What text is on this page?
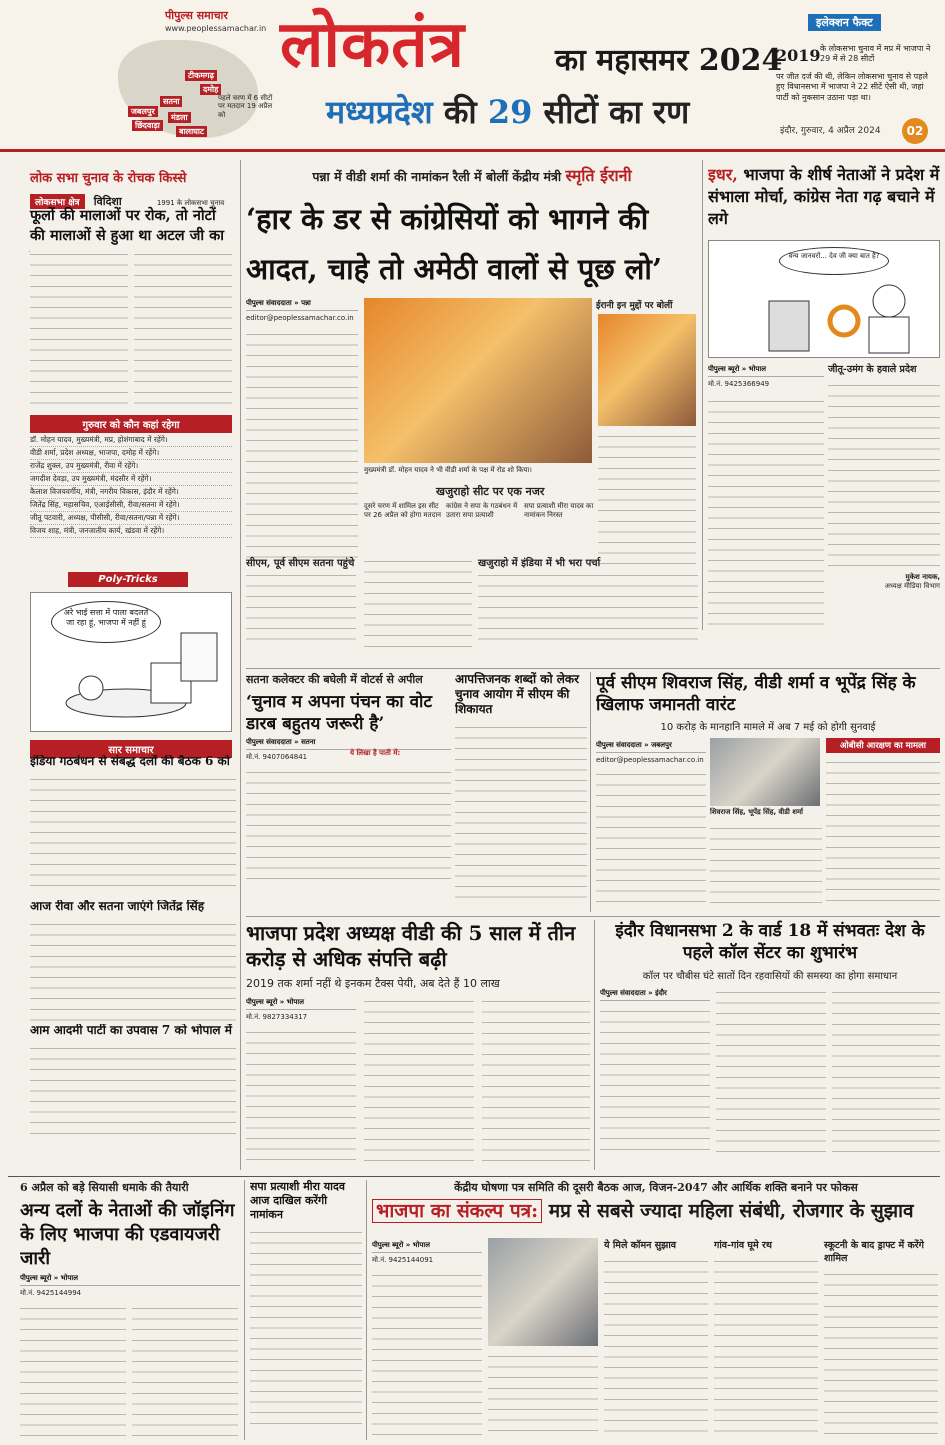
टीकमगढ़
दमोह
सतना
जबलपुर
मंडला
छिंदवाड़ा
बालाघाट
पहले चरण में 6 सीटों पर मतदान 19 अप्रैल को
पीपुल्स समाचार
www.peoplessamachar.in लोकतंत्र	का महासमर 2024
मध्यप्रदेश की 29 सीटों का रण
इलेक्शन फैक्ट
2019 के लोकसभा चुनाव में मप्र में भाजपा ने 29 में से 28 सीटों
पर जीत दर्ज की थी, लेकिन लोकसभा चुनाव से पहले हुए विधानसभा में भाजपा ने 22 सीटें ऐसी थी, जहां पार्टी को नुकसान उठाना पड़ा था।
इंदौर, गुरुवार, 4 अप्रैल 2024	02
लोक सभा चुनाव के रोचक किस्से
लोकसभा क्षेत्र विदिशा	1991 के लोकसभा चुनाव
फूलों की मालाओं पर रोक, तो नोटों की मालाओं से हुआ था अटल जी का
गुरुवार को कौन कहां रहेगा
डॉ. मोहन यादव, मुख्यमंत्री, मप्र, होशंगाबाद में रहेंगे।
वीडी शर्मा, प्रदेश अध्यक्ष, भाजपा, दमोह में रहेंगे।
राजेंद्र शुक्ल, उप मुख्यमंत्री, रीवा में रहेंगे।
जगदीश देवड़ा, उप मुख्यमंत्री, मंदसौर में रहेंगे।
कैलाश विजयवर्गीय, मंत्री, नगरीय विकास, इंदौर में रहेंगे।
जितेंद्र सिंह, महासचिव, एआईसीसी, रीवा/सतना में रहेंगे।
जीतू पटवारी, अध्यक्ष, पीसीसी, रीवा/सतना/पन्ना में रहेंगे।
विजय शाह, मंत्री, जनजातीय कार्य, खंडवा में रहेंगे।
Poly-Tricks
अरे भाई सत्ता में पाला बदलते जा रहा हूं, भाजपा में नहीं हूं
सार समाचार
इंडिया गठबंधन से संबद्ध दलों की बैठक 6 को
आज रीवा और सतना जाएंगे जितेंद्र सिंह
आम आदमी पार्टी का उपवास 7 को भोपाल में
पन्ना में वीडी शर्मा की नामांकन रैली में बोलीं केंद्रीय मंत्री स्मृति ईरानी
‘हार के डर से कांग्रेसियों को भागने की आदत, चाहे तो अमेठी वालों से पूछ लो’
पीपुल्स संवाददाता » पन्ना
editor@peoplessamachar.co.in
मुख्यमंत्री डॉ. मोहन यादव ने भी वीडी शर्मा के पक्ष में रोड शो किया।
खजुराहो सीट पर एक नजर
दूसरे चरण में शामिल इस सीट पर 26 अप्रैल को होगा मतदान
कांग्रेस ने सपा के गठबंधन में उतारा सपा प्रत्याशी
सपा प्रत्याशी मीरा यादव का नामांकन निरस्त
ईरानी इन मुद्दों पर बोलीं
सीएम, पूर्व सीएम सतना पहुंचे	खजुराहो में इंडिया में भी भरा पर्चा
इधर, भाजपा के शीर्ष नेताओं ने प्रदेश में संभाला मोर्चा, कांग्रेस नेता गढ़ बचाने में लगे
वन्य जानवरों... देव जी क्या बात है?
पीपुल्स ब्यूरो » भोपाल
मो.नं. 9425366949
जीतू-उमंग के हवाले प्रदेश
मुकेश नायक,
अध्यक्ष मीडिया विभाग
सतना कलेक्टर की बघेली में वोटर्स से अपील
‘चुनाव म अपना पंचन का वोट डारब बहुतय जरूरी है’
पीपुल्स संवाददाता » सतना
मो.नं. 9407064841	ये लिखा है पाती में:
आपत्तिजनक शब्दों को लेकर चुनाव आयोग में सीएम की शिकायत
पूर्व सीएम शिवराज सिंह, वीडी शर्मा व भूपेंद्र सिंह के खिलाफ जमानती वारंट
10 करोड़ के मानहानि मामले में अब 7 मई को होगी सुनवाई
पीपुल्स संवाददाता » जबलपुर
editor@peoplessamachar.co.in
शिवराज सिंह, भूपेंद्र सिंह, वीडी शर्मा
ओबीसी आरक्षण का मामला
भाजपा प्रदेश अध्यक्ष वीडी की 5 साल में तीन करोड़ से अधिक संपत्ति बढ़ी
2019 तक शर्मा नहीं थे इनकम टैक्स पेयी, अब देते हैं 10 लाख
पीपुल्स ब्यूरो » भोपाल
मो.नं. 9827334317
इंदौर विधानसभा 2 के वार्ड 18 में संभवतः देश के पहले कॉल सेंटर का शुभारंभ
कॉल पर चौबीस घंटे सातों दिन रहवासियों की समस्या का होगा समाधान
पीपुल्स संवाददाता » इंदौर
6 अप्रैल को बड़े सियासी धमाके की तैयारी
अन्य दलों के नेताओं की जॉइनिंग के लिए भाजपा की एडवायजरी जारी
पीपुल्स ब्यूरो » भोपाल
मो.नं. 9425144994
सपा प्रत्याशी मीरा यादव आज दाखिल करेंगी नामांकन
केंद्रीय घोषणा पत्र समिति की दूसरी बैठक आज, विजन-2047 और आर्थिक शक्ति बनाने पर फोकस
भाजपा का संकल्प पत्र: मप्र से सबसे ज्यादा महिला संबंधी, रोजगार के सुझाव
पीपुल्स ब्यूरो » भोपाल
मो.नं. 9425144091
ये मिले कॉमन सुझाव	गांव-गांव घूमे रथ	स्कूटनी के बाद ड्राफ्ट में करेंगे शामिल
